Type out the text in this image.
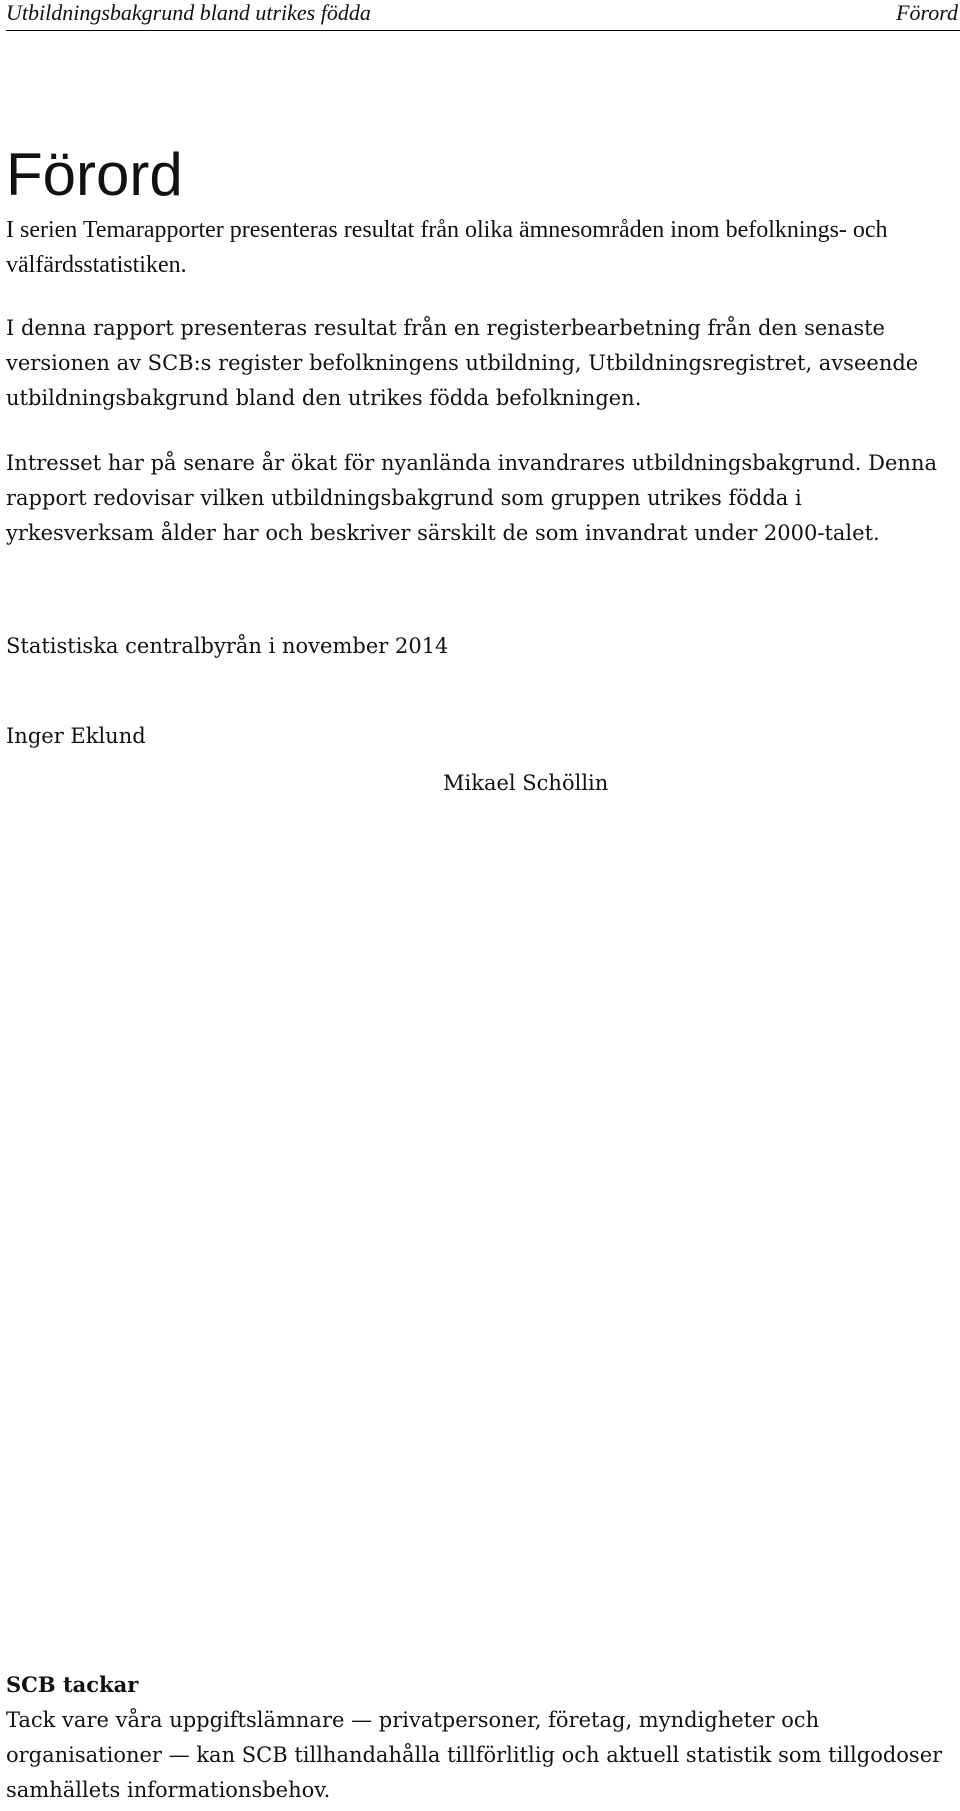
Utbildningsbakgrund bland utrikes födda	Förord
Förord

I serien Temarapporter presenteras resultat från olika ämnesområden inom befolknings- och välfärdsstatistiken.

I denna rapport presenteras resultat från en registerbearbetning från den senaste versionen av SCB:s register befolkningens utbildning, Utbildningsregistret, avseende utbildningsbakgrund bland den utrikes födda befolkningen.

Intresset har på senare år ökat för nyanlända invandrares utbildningsbakgrund. Denna rapport redovisar vilken utbildningsbakgrund som gruppen utrikes födda i yrkesverksam ålder har och beskriver särskilt de som invandrat under 2000-talet.

Statistiska centralbyrån i november 2014

Inger Eklund

Mikael Schöllin

SCB tackar

Tack vare våra uppgiftslämnare — privatpersoner, företag, myndigheter och organisationer — kan SCB tillhandahålla tillförlitlig och aktuell statistik som tillgodoser samhällets informationsbehov.
